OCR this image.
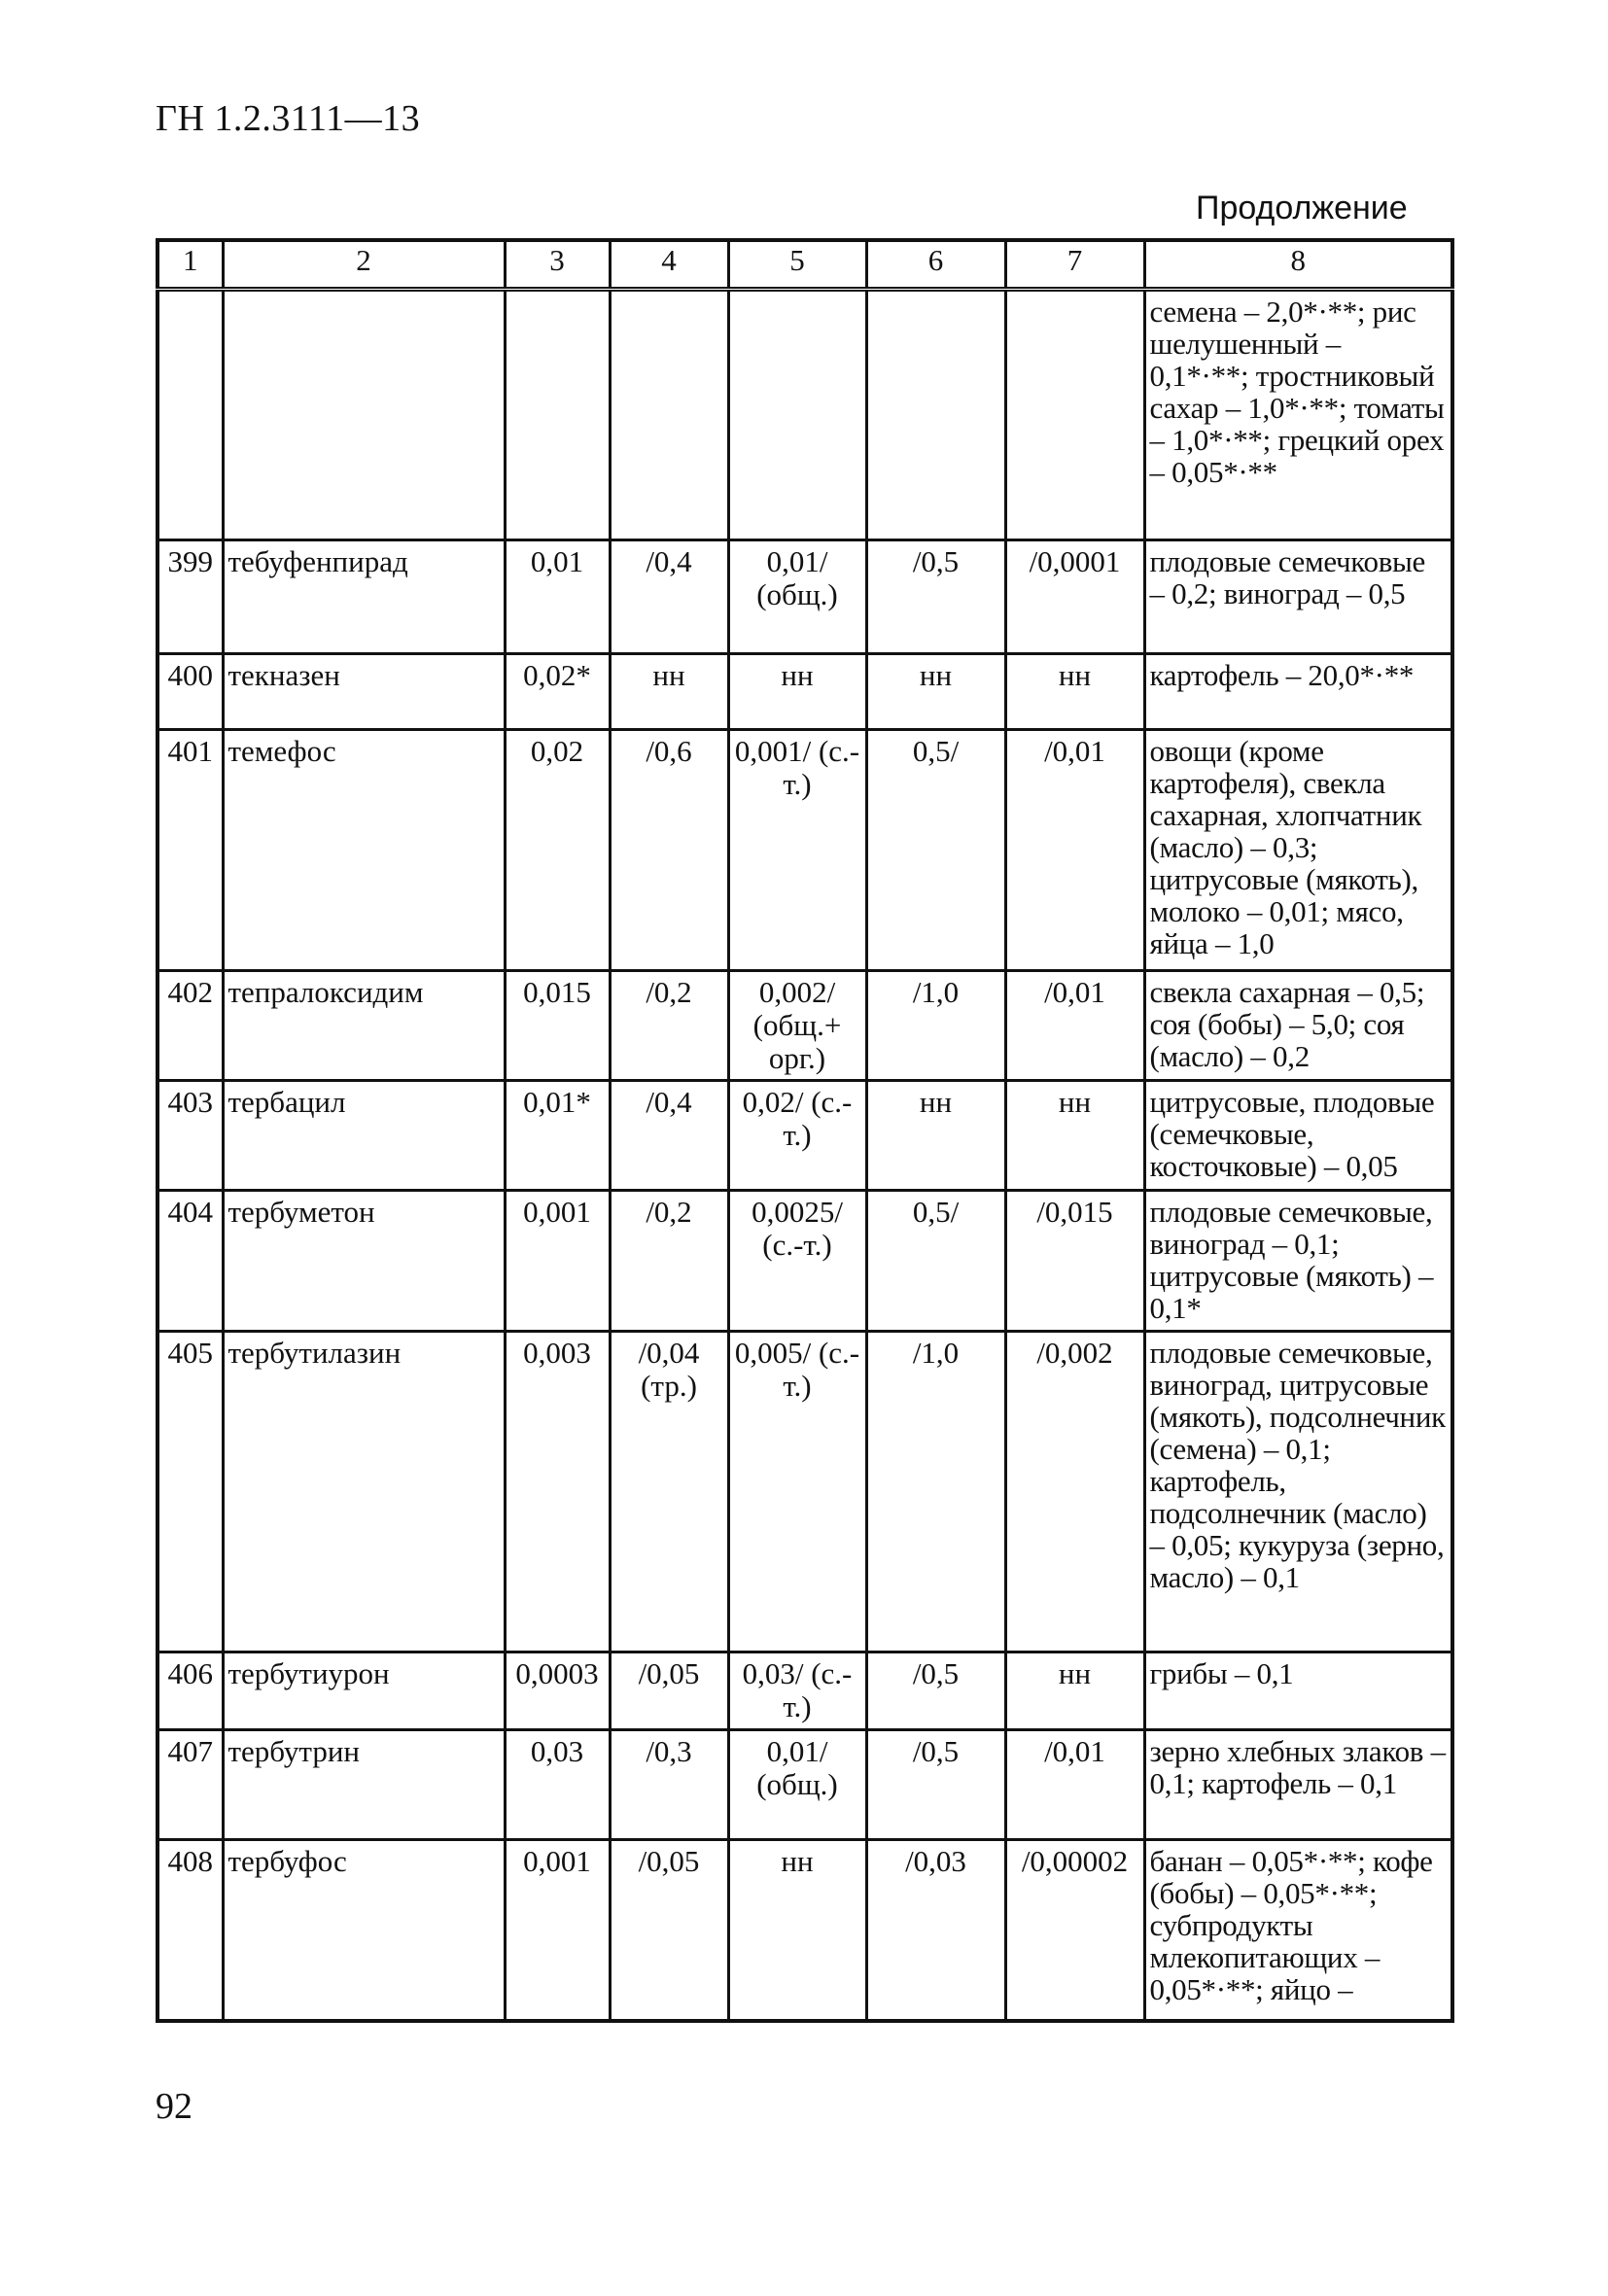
ГН 1.2.3111—13
Продолжение
1	2	3	4	5	6	7	8
							семена – 2,0*·**; рис шелушенный – 0,1*·**; тростниковый сахар – 1,0*·**; томаты – 1,0*·**; грецкий орех – 0,05*·**
399	тебуфенпирад	0,01	/0,4	0,01/ (общ.)	/0,5	/0,0001	плодовые семечковые – 0,2; виноград – 0,5
400	текназен	0,02*	нн	нн	нн	нн	картофель – 20,0*·**
401	темефос	0,02	/0,6	0,001/ (с.-т.)	0,5/	/0,01	овощи (кроме картофеля), свекла сахарная, хлопчатник (масло) – 0,3; цитрусовые (мякоть), молоко – 0,01; мясо, яйца – 1,0
402	тепралоксидим	0,015	/0,2	0,002/ (общ.+ орг.)	/1,0	/0,01	свекла сахарная – 0,5; соя (бобы) – 5,0; соя (масло) – 0,2
403	тербацил	0,01*	/0,4	0,02/ (с.-т.)	нн	нн	цитрусовые, плодовые (семечковые, косточковые) – 0,05
404	тербуметон	0,001	/0,2	0,0025/ (с.-т.)	0,5/	/0,015	плодовые семечковые, виноград – 0,1; цитрусовые (мякоть) – 0,1*
405	тербутилазин	0,003	/0,04 (тр.)	0,005/ (с.-т.)	/1,0	/0,002	плодовые семечковые, виноград, цитрусовые (мякоть), подсолнечник (семена) – 0,1; картофель, подсолнечник (масло) – 0,05; кукуруза (зерно, масло) – 0,1
406	тербутиурон	0,0003	/0,05	0,03/ (с.-т.)	/0,5	нн	грибы – 0,1
407	тербутрин	0,03	/0,3	0,01/ (общ.)	/0,5	/0,01	зерно хлебных злаков – 0,1; картофель – 0,1
408	тербуфос	0,001	/0,05	нн	/0,03	/0,00002	банан – 0,05*·**; кофе (бобы) – 0,05*·**; субпродукты млекопитающих – 0,05*·**; яйцо –
92
